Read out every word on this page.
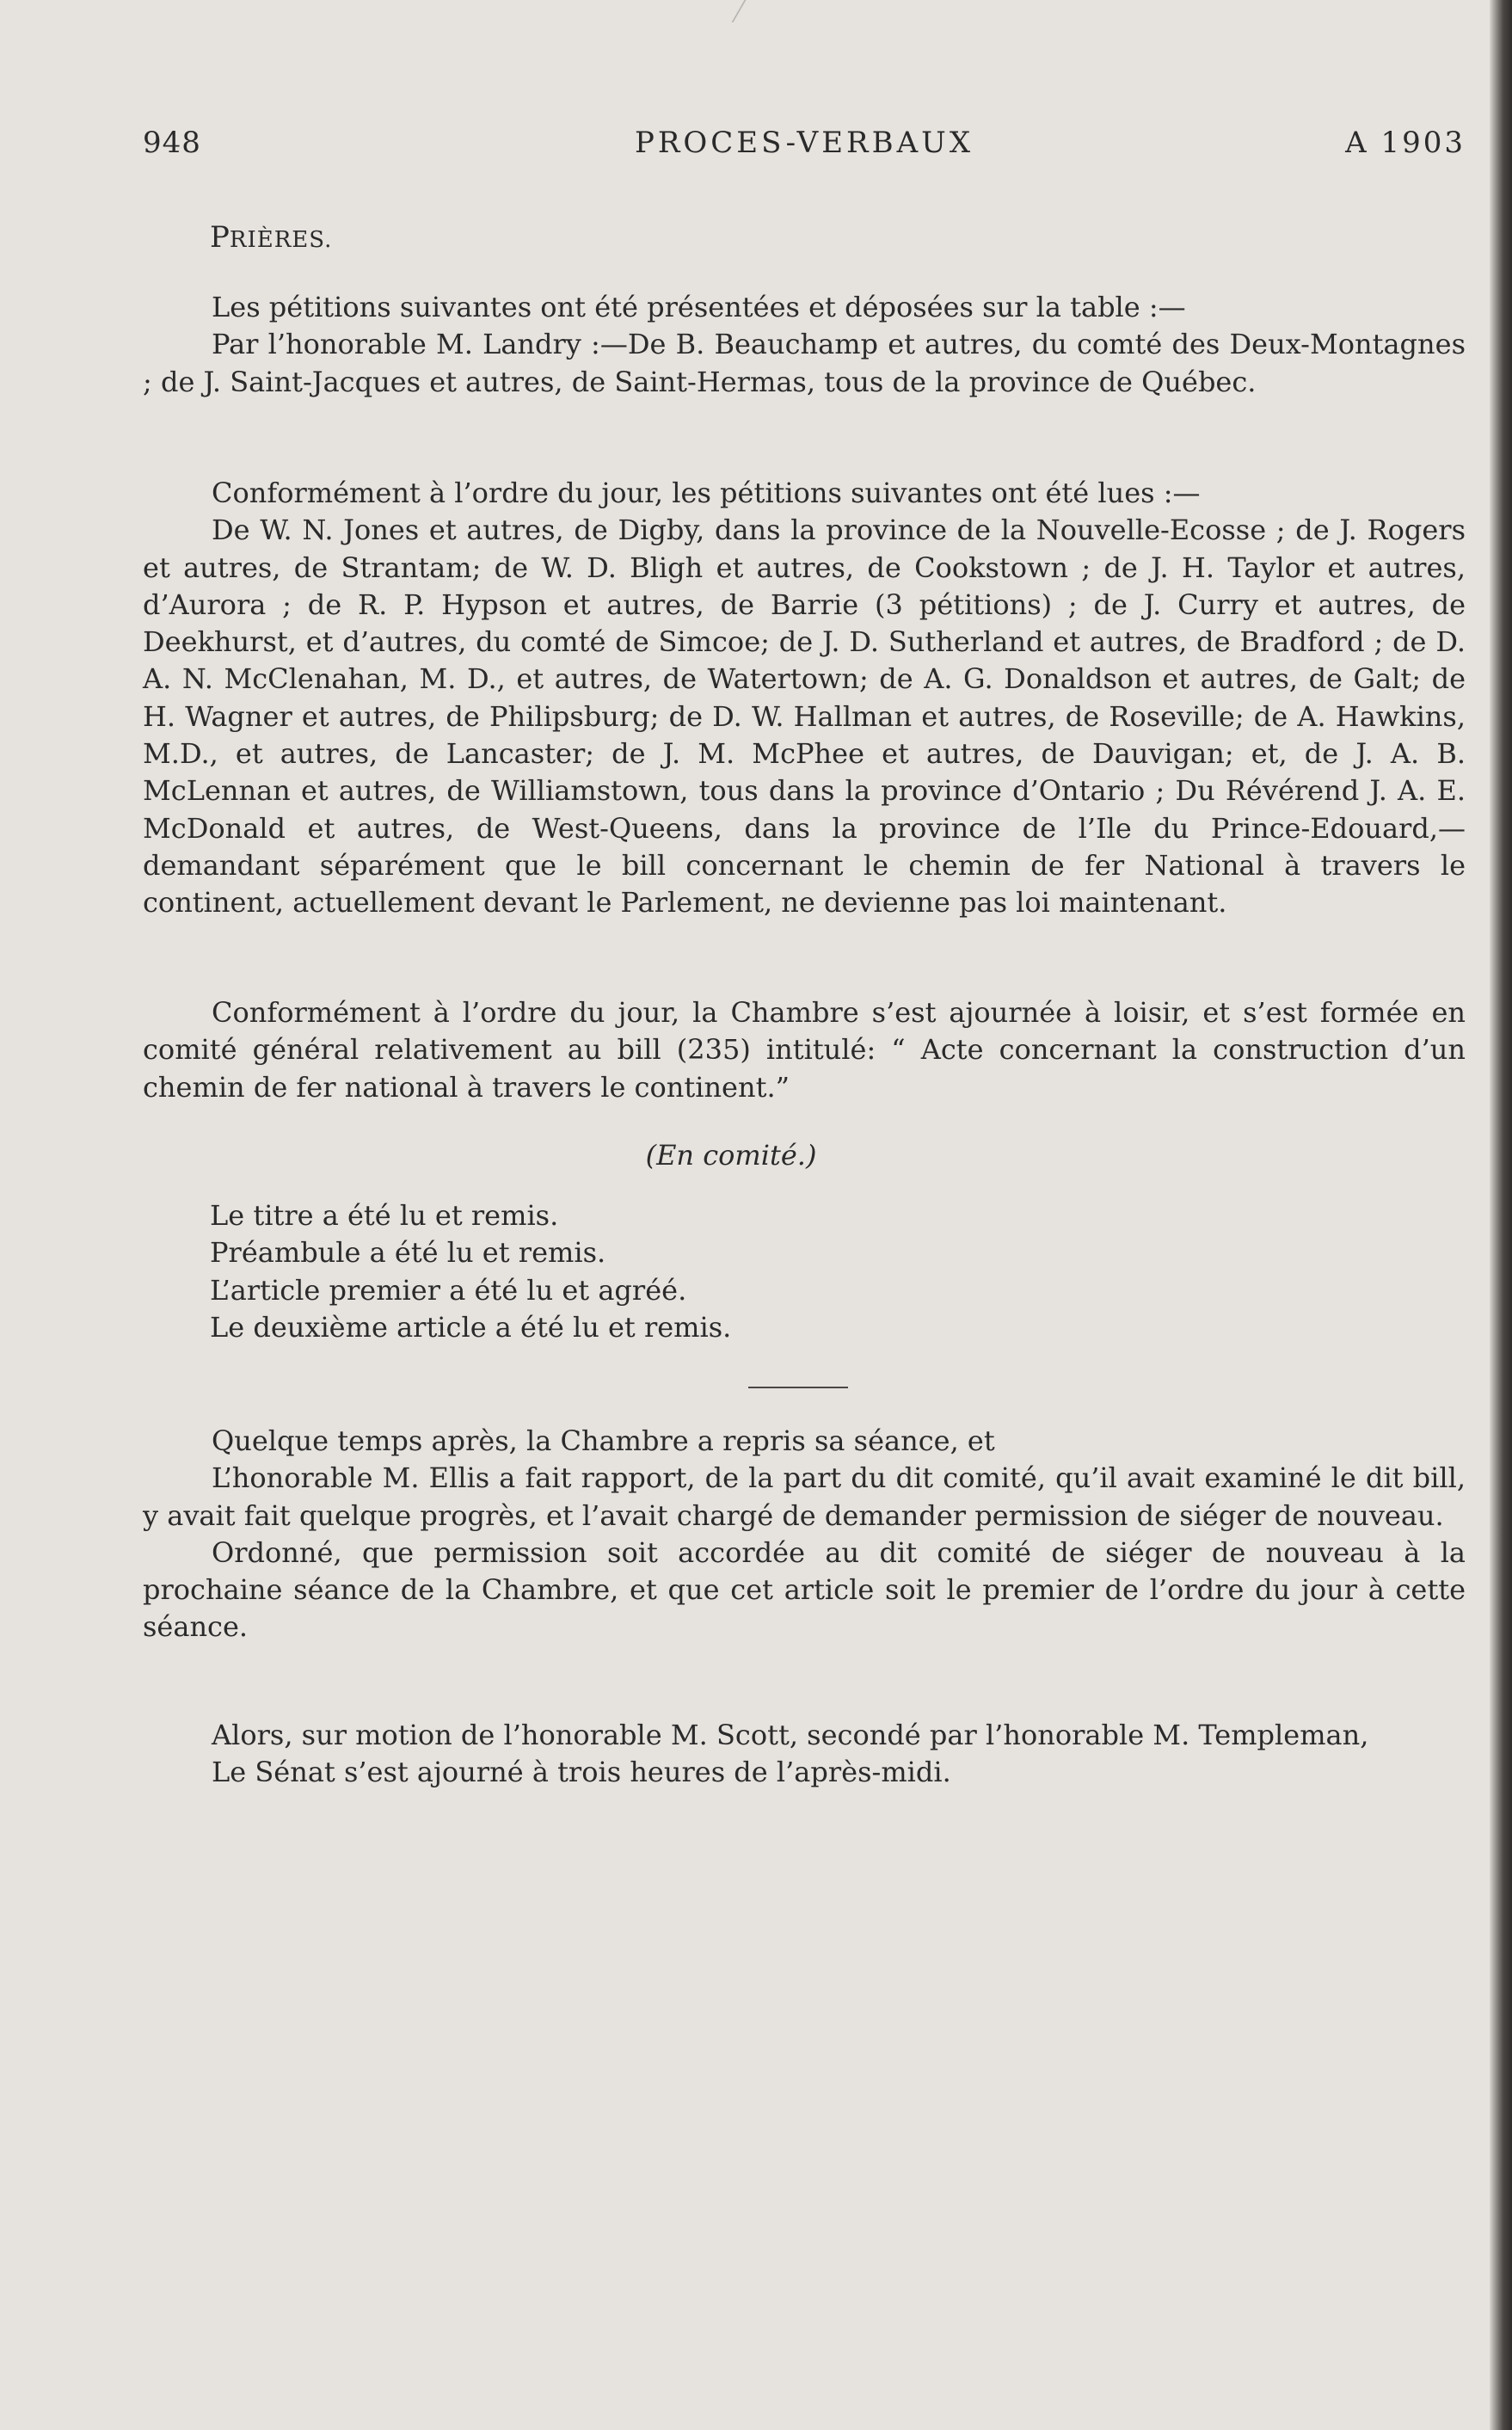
948	PROCES-VERBAUX	A 1903
PRIÈRES.

Les pétitions suivantes ont été présentées et déposées sur la table :—

Par l’honorable M. Landry :—De B. Beauchamp et autres, du comté des Deux-Montagnes ; de J. Saint-Jacques et autres, de Saint-Hermas, tous de la province de Québec.

Conformément à l’ordre du jour, les pétitions suivantes ont été lues :—

De W. N. Jones et autres, de Digby, dans la province de la Nouvelle-Ecosse ; de J. Rogers et autres, de Strantam; de W. D. Bligh et autres, de Cookstown ; de J. H. Taylor et autres, d’Aurora ; de R. P. Hypson et autres, de Barrie (3 pétitions) ; de J. Curry et autres, de Deekhurst, et d’autres, du comté de Simcoe; de J. D. Sutherland et autres, de Bradford ; de D. A. N. McClenahan, M. D., et autres, de Watertown; de A. G. Donaldson et autres, de Galt; de H. Wagner et autres, de Philipsburg; de D. W. Hallman et autres, de Roseville; de A. Hawkins, M.D., et autres, de Lancaster; de J. M. McPhee et autres, de Dauvigan; et, de J. A. B. McLennan et autres, de Williamstown, tous dans la province d’Ontario ; Du Révérend J. A. E. McDonald et autres, de West-Queens, dans la province de l’Ile du Prince-Edouard,—demandant séparément que le bill concernant le chemin de fer National à travers le continent, actuellement devant le Parlement, ne devienne pas loi maintenant.

Conformément à l’ordre du jour, la Chambre s’est ajournée à loisir, et s’est formée en comité général relativement au bill (235) intitulé: “ Acte concernant la construction d’un chemin de fer national à travers le continent.”

(En comité.)

Le titre a été lu et remis.

Préambule a été lu et remis.

L’article premier a été lu et agréé.

Le deuxième article a été lu et remis.

Quelque temps après, la Chambre a repris sa séance, et

L’honorable M. Ellis a fait rapport, de la part du dit comité, qu’il avait examiné le dit bill, y avait fait quelque progrès, et l’avait chargé de demander permission de siéger de nouveau.

Ordonné, que permission soit accordée au dit comité de siéger de nouveau à la prochaine séance de la Chambre, et que cet article soit le premier de l’ordre du jour à cette séance.

Alors, sur motion de l’honorable M. Scott, secondé par l’honorable M. Templeman,

Le Sénat s’est ajourné à trois heures de l’après-midi.
